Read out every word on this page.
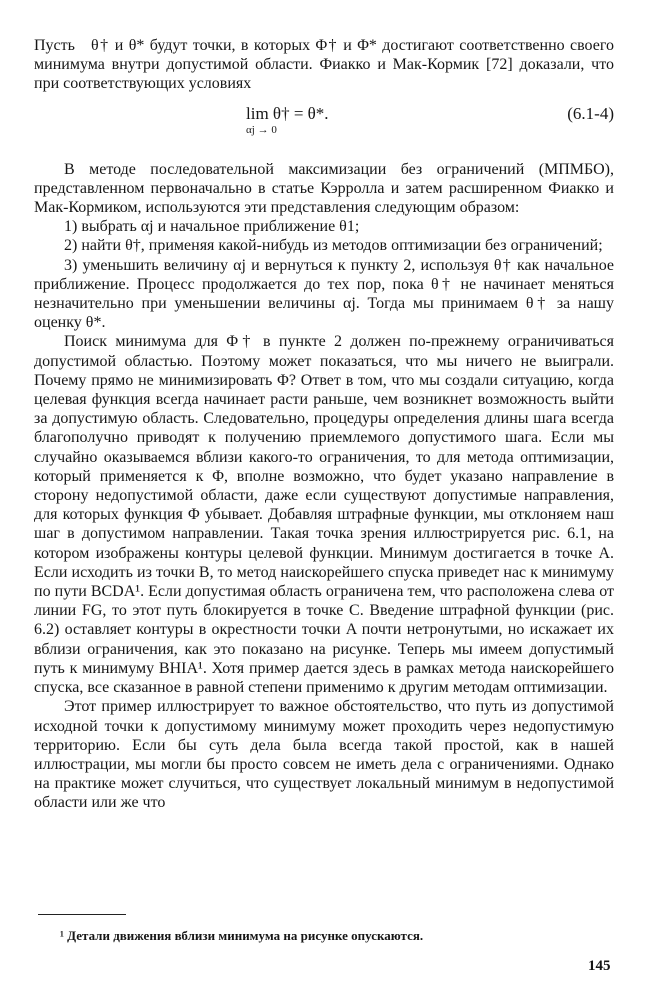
Пусть   θ† и θ* будут точки, в которых Φ† и Φ* достигают соответственно своего минимума внутри допустимой области. Фиакко и Мак-Кормик [72] доказали, что при соответствующих условиях

lim θ† = θ*.
αj → 0
(6.1-4)

В методе последовательной максимизации без ограничений (МПМБО), представленном первоначально в статье Кэрролла и затем расширенном Фиакко и Мак-Кормиком, используются эти представления следующим образом:

1) выбрать αj и начальное приближение θ1;

2) найти θ†, применяя какой-нибудь из методов оптимизации без ограничений;

3) уменьшить величину αj и вернуться к пункту 2, используя θ† как начальное приближение. Процесс продолжается до тех пор, пока θ† не начинает меняться незначительно при уменьшении величины αj. Тогда мы принимаем θ† за нашу оценку θ*.

Поиск минимума для Φ† в пункте 2 должен по-прежнему ограничиваться допустимой областью. Поэтому может показаться, что мы ничего не выиграли. Почему прямо не минимизировать Φ? Ответ в том, что мы создали ситуацию, когда целевая функция всегда начинает расти раньше, чем возникнет возможность выйти за допустимую область. Следовательно, процедуры определения длины шага всегда благополучно приводят к получению приемлемого допустимого шага. Если мы случайно оказываемся вблизи какого-то ограничения, то для метода оптимизации, который применяется к Φ, вполне возможно, что будет указано направление в сторону недопустимой области, даже если существуют допустимые направления, для которых функция Φ убывает. Добавляя штрафные функции, мы отклоняем наш шаг в допустимом направлении. Такая точка зрения иллюстрируется рис. 6.1, на котором изображены контуры целевой функции. Минимум достигается в точке A. Если исходить из точки B, то метод наискорейшего спуска приведет нас к минимуму по пути BCDA¹. Если допустимая область ограничена тем, что расположена слева от линии FG, то этот путь блокируется в точке C. Введение штрафной функции (рис. 6.2) оставляет контуры в окрестности точки A почти нетронутыми, но искажает их вблизи ограничения, как это показано на рисунке. Теперь мы имеем допустимый путь к минимуму BHIA¹. Хотя пример дается здесь в рамках метода наискорейшего спуска, все сказанное в равной степени применимо к другим методам оптимизации.

Этот пример иллюстрирует то важное обстоятельство, что путь из допустимой исходной точки к допустимому минимуму может проходить через недопустимую территорию. Если бы суть дела была всегда такой простой, как в нашей иллюстрации, мы могли бы просто совсем не иметь дела с ограничениями. Однако на практике может случиться, что существует локальный минимум в недопустимой области или же что

¹ Детали движения вблизи минимума на рисунке опускаются.
145
